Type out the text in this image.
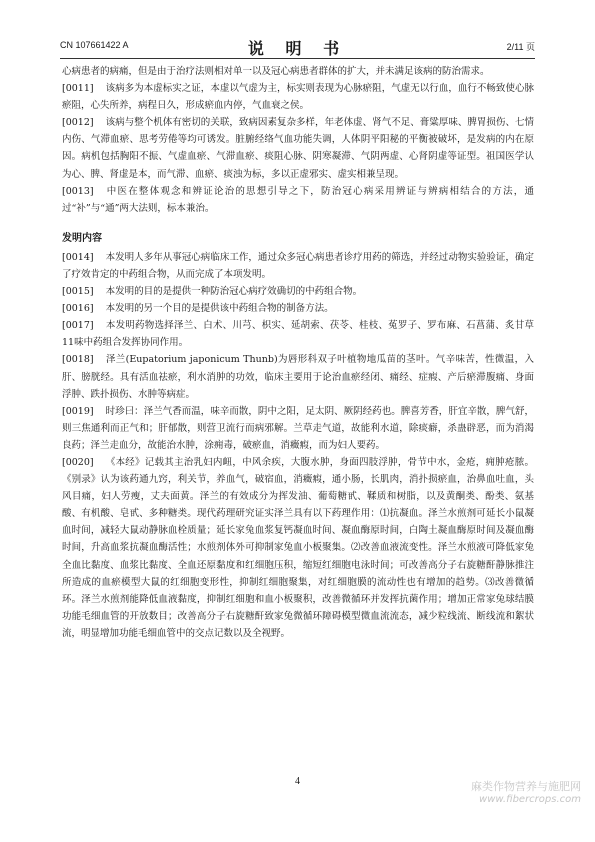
CN 107661422 A	说 明 书	2/11 页

心病患者的病痛，但是由于治疗法则相对单一以及冠心病患者群体的扩大，并未满足该病的防治需求。

[0011] 该病多为本虚标实之证，本虚以气虚为主，标实则表现为心脉瘀阻，气虚无以行血，血行不畅致使心脉瘀阻，心失所养，病程日久，形成瘀血内停，气血衰之侯。

[0012] 该病与整个机体有密切的关联，致病因素复杂多样，年老体虚、肾气不足、膏粱厚味、脾胃损伤、七情内伤、气滞血瘀、思考劳倦等均可诱发。脏腑经络气血功能失调，人体阴平阳秘的平衡被破坏，是发病的内在原因。病机包括胸阳不振、气虚血瘀、气滞血瘀、痰阻心脉、阴寒凝滞、气阴两虚、心肾阴虚等证型。祖国医学认为心、脾、肾虚是本，而气滞、血瘀、痰浊为标，多以正虚邪实、虚实相兼呈现。

[0013] 中医在整体观念和辨证论治的思想引导之下，防治冠心病采用辨证与辨病相结合的方法，通过“补”与“通”两大法则，标本兼治。

发明内容

[0014] 本发明人多年从事冠心病临床工作，通过众多冠心病患者诊疗用药的筛选，并经过动物实验验证，确定了疗效肯定的中药组合物，从而完成了本项发明。

[0015] 本发明的目的是提供一种防治冠心病疗效确切的中药组合物。

[0016] 本发明的另一个目的是提供该中药组合物的制备方法。

[0017] 本发明药物选择泽兰、白术、川芎、枳实、延胡索、茯苓、桂枝、菟罗子、罗布麻、石菖蒲、炙甘草11味中药组合发挥协同作用。

[0018] 泽兰(Eupatorium japonicum Thunb)为唇形科双子叶植物地瓜苗的茎叶。气辛味苦，性微温，入肝、膀胱经。具有活血祛瘀，利水消肿的功效，临床主要用于论治血瘀经闭、痛经、症瘕、产后瘀滞腹痛、身面浮肿、跌扑损伤、水肿等病症。

[0019] 时珍曰：泽兰气香而温，味辛而散，阴中之阳，足太阴、厥阴经药也。脾喜芳香，肝宜辛散，脾气舒，则三焦通利而正气和；肝郁散，则营卫流行而病邪解。兰草走气道，故能利水道，除痰癖，杀蛊辟恶，而为消渴良药；泽兰走血分，故能治水肿，涂痈毒，破瘀血，消癥瘕，而为妇人要药。

[0020] 《本经》记载其主治乳妇内衄，中风余疾，大腹水肿，身面四肢浮肿，骨节中水，金疮，痈肿疮脓。《别录》认为该药通九窍，利关节，养血气，破宿血，消癥瘕，通小肠，长肌肉，消扑损瘀血，治鼻血吐血，头风目痛，妇人劳瘦，丈夫面黄。泽兰的有效成分为挥发油、葡萄糖甙、鞣质和树脂，以及黄酮类、酚类、氨基酸、有机酸、皂甙、多种糖类。现代药理研究证实泽兰具有以下药理作用：⑴抗凝血。泽兰水煎剂可延长小鼠凝血时间，减轻大鼠动静脉血栓质量；延长家兔血浆复钙凝血时间、凝血酶原时间，白陶土凝血酶原时间及凝血酶时间，升高血浆抗凝血酶活性；水煎剂体外可抑制家兔血小板聚集。⑵改善血液流变性。泽兰水煎液可降低家兔全血比黏度、血浆比黏度、全血还原黏度和红细胞压积，缩短红细胞电泳时间；可改善高分子右旋糖酐静脉推注所造成的血瘀模型大鼠的红细胞变形性，抑制红细胞聚集，对红细胞膜的流动性也有增加的趋势。⑶改善微循环。泽兰水煎剂能降低血液黏度，抑制红细胞和血小板聚积，改善微循环并发挥抗菌作用；增加正常家兔球结膜功能毛细血管的开放数目；改善高分子右旋糖酐致家兔微循环障碍模型微血流流态，减少粒线流、断线流和絮状流，明显增加功能毛细血管中的交点记数以及全视野。

4	麻类作物营养与施肥网
www.fibercrops.com
